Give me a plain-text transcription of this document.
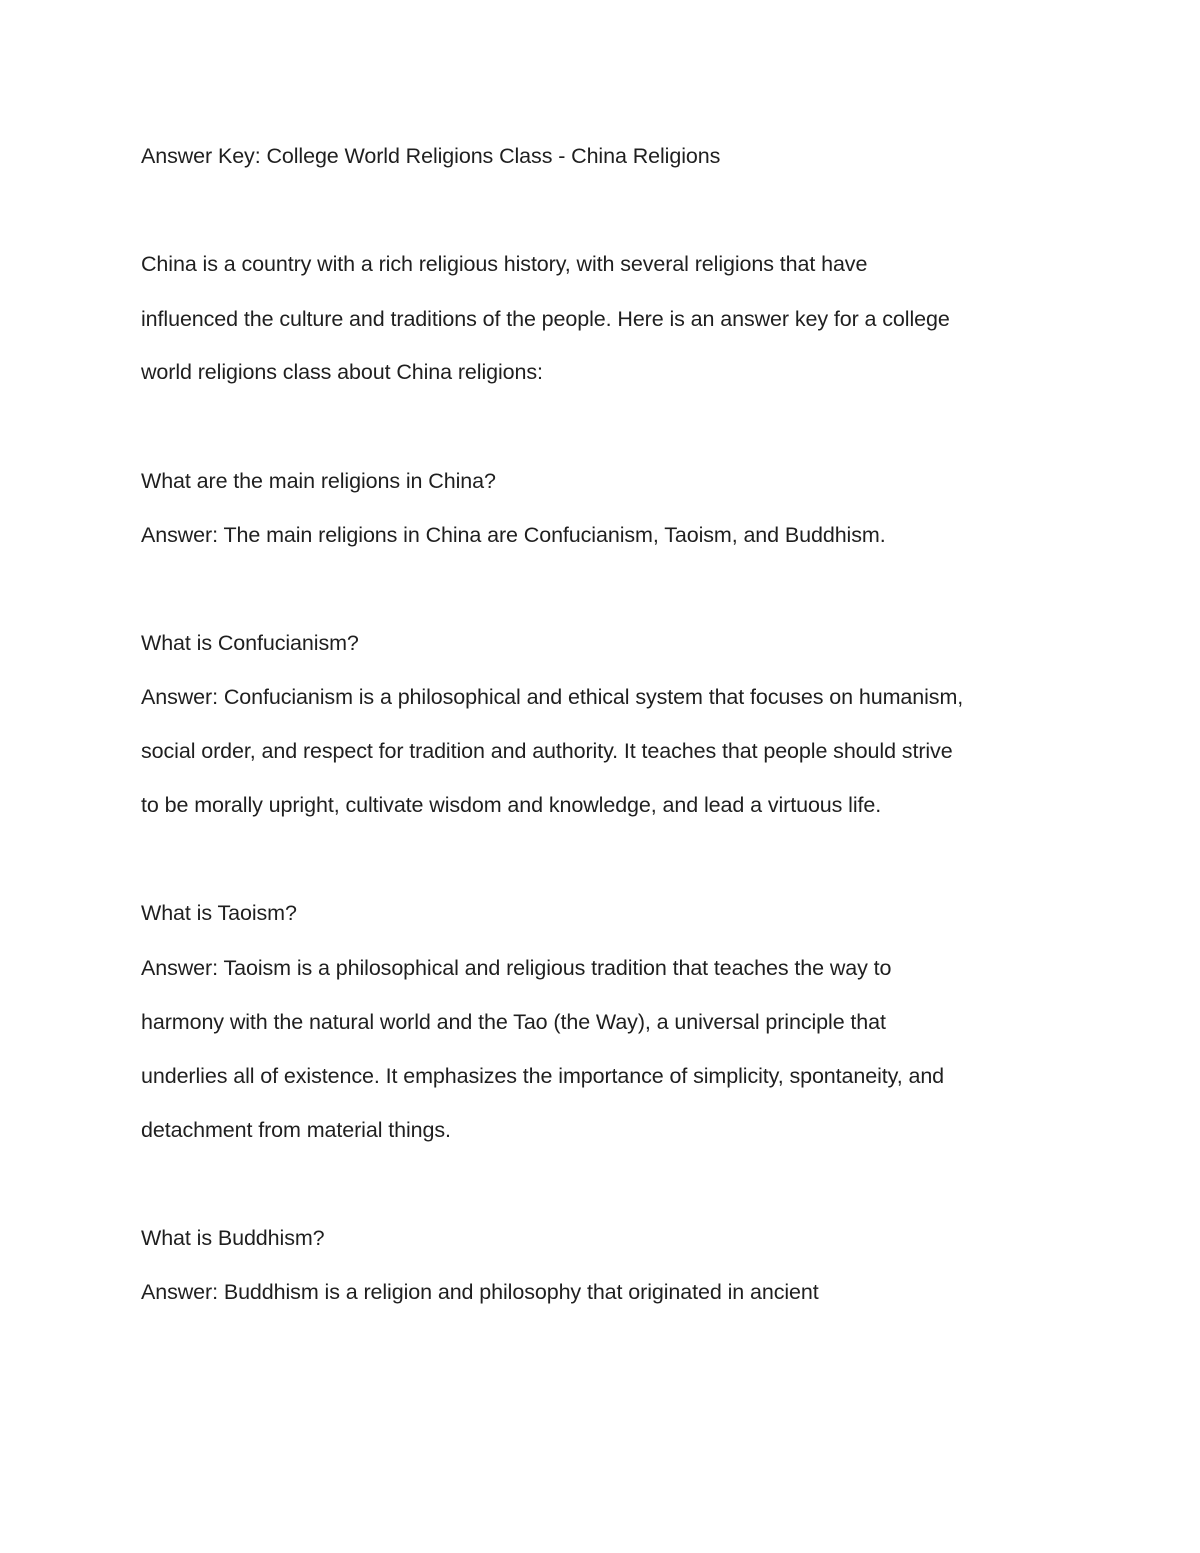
Answer Key: College World Religions Class - China Religions

China is a country with a rich religious history, with several religions that have

influenced the culture and traditions of the people. Here is an answer key for a college

world religions class about China religions:

What are the main religions in China?

Answer: The main religions in China are Confucianism, Taoism, and Buddhism.

What is Confucianism?

Answer: Confucianism is a philosophical and ethical system that focuses on humanism,

social order, and respect for tradition and authority. It teaches that people should strive

to be morally upright, cultivate wisdom and knowledge, and lead a virtuous life.

What is Taoism?

Answer: Taoism is a philosophical and religious tradition that teaches the way to

harmony with the natural world and the Tao (the Way), a universal principle that

underlies all of existence. It emphasizes the importance of simplicity, spontaneity, and

detachment from material things.

What is Buddhism?

Answer: Buddhism is a religion and philosophy that originated in ancient
